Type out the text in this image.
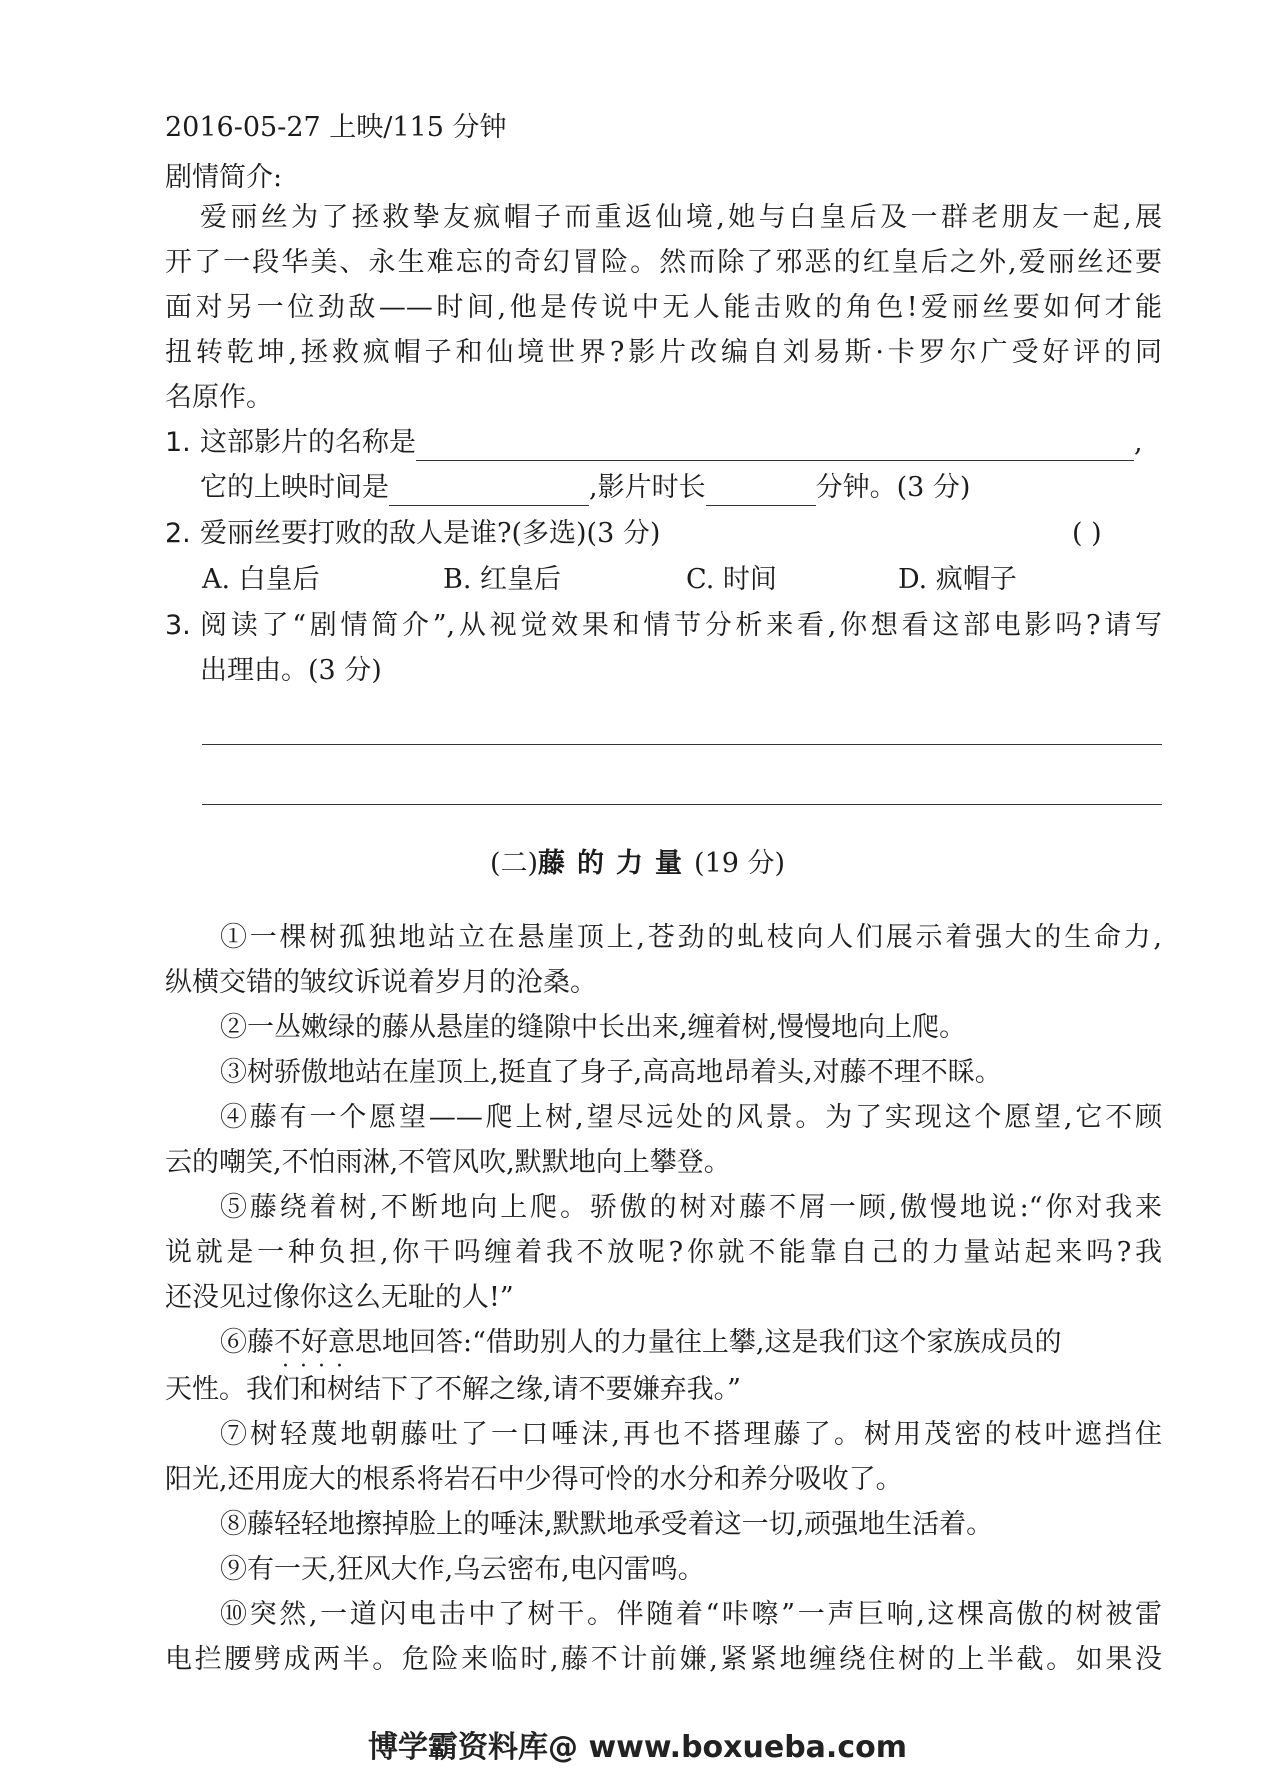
2016-05-27 上映/115 分钟
剧情简介:
爱丽丝为了拯救挚友疯帽子而重返仙境,她与白皇后及一群老朋友一起,展
开了一段华美、永生难忘的奇幻冒险。然而除了邪恶的红皇后之外,爱丽丝还要
面对另一位劲敌——时间,他是传说中无人能击败的角色!爱丽丝要如何才能
扭转乾坤,拯救疯帽子和仙境世界?影片改编自刘易斯·卡罗尔广受好评的同
名原作。
1. 这部影片的名称是	,
它的上映时间是	,影片时长	分钟。(3 分)
2. 爱丽丝要打败的敌人是谁?(多选)(3 分)	( )
A. 白皇后	B. 红皇后	C. 时间	D. 疯帽子
3. 阅读了“剧情简介”,从视觉效果和情节分析来看,你想看这部电影吗?请写
出理由。(3 分)
(二)藤的力量(19 分)
①一棵树孤独地站立在悬崖顶上,苍劲的虬枝向人们展示着强大的生命力,
纵横交错的皱纹诉说着岁月的沧桑。
②一丛嫩绿的藤从悬崖的缝隙中长出来,缠着树,慢慢地向上爬。
③树骄傲地站在崖顶上,挺直了身子,高高地昂着头,对藤不理不睬。
④藤有一个愿望——爬上树,望尽远处的风景。为了实现这个愿望,它不顾
云的嘲笑,不怕雨淋,不管风吹,默默地向上攀登。
⑤藤绕着树,不断地向上爬。骄傲的树对藤不屑一顾,傲慢地说:“你对我来
说就是一种负担,你干吗缠着我不放呢?你就不能靠自己的力量站起来吗?我
还没见过像你这么无耻的人!”
⑥藤不好意思 · · · ·地回答:“借助别人的力量往上攀,这是我们这个家族成员的
天性。我们和树结下了不解之缘,请不要嫌弃我。”
⑦树轻蔑地朝藤吐了一口唾沫,再也不搭理藤了。树用茂密的枝叶遮挡住
阳光,还用庞大的根系将岩石中少得可怜的水分和养分吸收了。
⑧藤轻轻地擦掉脸上的唾沫,默默地承受着这一切,顽强地生活着。
⑨有一天,狂风大作,乌云密布,电闪雷鸣。
⑩突然,一道闪电击中了树干。伴随着“咔嚓”一声巨响,这棵高傲的树被雷
电拦腰劈成两半。危险来临时,藤不计前嫌,紧紧地缠绕住树的上半截。如果没
博学霸资料库@ www.boxueba.com
